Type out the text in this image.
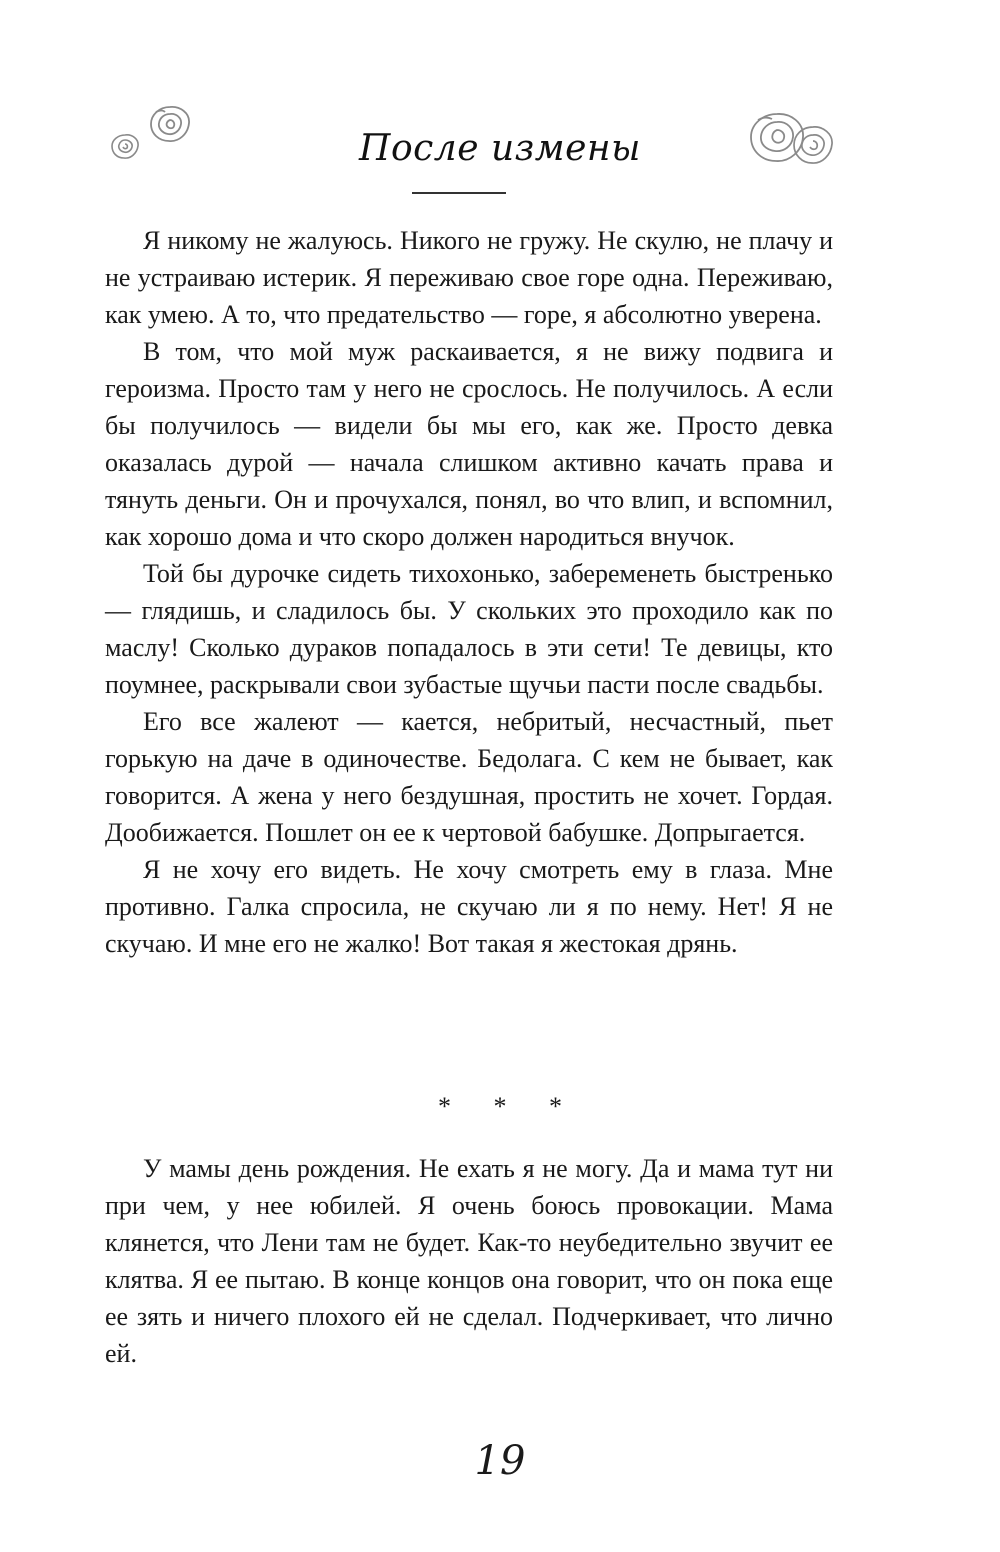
После измены

Я никому не жалуюсь. Никого не гружу. Не скулю, не плачу и не устраиваю истерик. Я переживаю свое горе одна. Переживаю, как умею. А то, что предательство — горе, я абсолютно уверена.

В том, что мой муж раскаивается, я не вижу подвига и героизма. Просто там у него не срослось. Не получилось. А если бы получилось — видели бы мы его, как же. Просто девка оказалась дурой — начала слишком активно качать права и тянуть деньги. Он и прочухался, понял, во что влип, и вспомнил, как хорошо дома и что скоро должен народиться внучок.

Той бы дурочке сидеть тихохонько, забеременеть быстренько — глядишь, и сладилось бы. У скольких это проходило как по маслу! Сколько дураков попадалось в эти сети! Те девицы, кто поумнее, раскрывали свои зубастые щучьи пасти после свадьбы.

Его все жалеют — кается, небритый, несчастный, пьет горькую на даче в одиночестве. Бедолага. С кем не бывает, как говорится. А жена у него бездушная, простить не хочет. Гордая. Дообижается. Пошлет он ее к чертовой бабушке. Допрыгается.

Я не хочу его видеть. Не хочу смотреть ему в глаза. Мне противно. Галка спросила, не скучаю ли я по нему. Нет! Я не скучаю. И мне его не жалко! Вот такая я жестокая дрянь.

* * *

У мамы день рождения. Не ехать я не могу. Да и мама тут ни при чем, у нее юбилей. Я очень боюсь провокации. Мама клянется, что Лени там не будет. Как-то неубедительно звучит ее клятва. Я ее пытаю. В конце концов она говорит, что он пока еще ее зять и ничего плохого ей не сделал. Подчеркивает, что лично ей.

19
